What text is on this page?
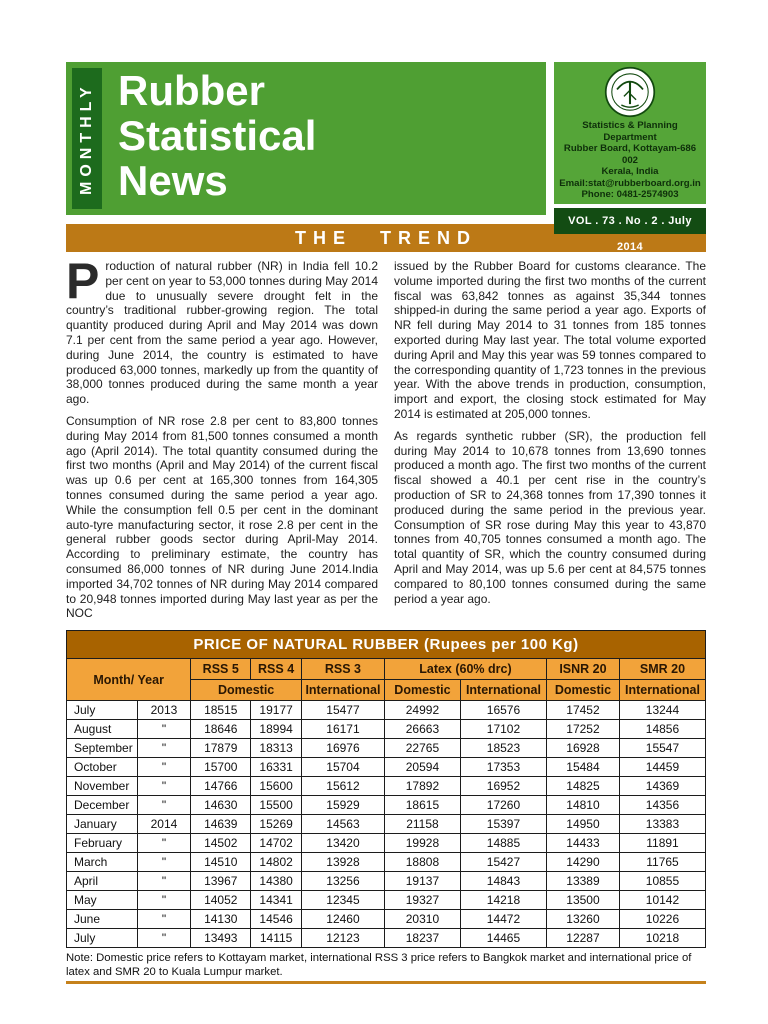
MONTHLY Rubber
Statistical
News
Statistics & Planning Department
Rubber Board, Kottayam-686 002
Kerala, India
Email:stat@rubberboard.org.in
Phone: 0481-2574903
VOL . 73 . No . 2 . July 2014
THE TREND

Production of natural rubber (NR) in India fell 10.2 per cent on year to 53,000 tonnes during May 2014 due to unusually severe drought felt in the country’s traditional rubber-growing region. The total quantity produced during April and May 2014 was down 7.1 per cent from the same period a year ago. However, during June 2014, the country is estimated to have produced 63,000 tonnes, markedly up from the quantity of 38,000 tonnes produced during the same month a year ago.

Consumption of NR rose 2.8 per cent to 83,800 tonnes during May 2014 from 81,500 tonnes consumed a month ago (April 2014). The total quantity consumed during the first two months (April and May 2014) of the current fiscal was up 0.6 per cent at 165,300 tonnes from 164,305 tonnes consumed during the same period a year ago. While the consumption fell 0.5 per cent in the dominant auto-tyre manufacturing sector, it rose 2.8 per cent in the general rubber goods sector during April-May 2014. According to preliminary estimate, the country has consumed 86,000 tonnes of NR during June 2014.India imported 34,702 tonnes of NR during May 2014 compared to 20,948 tonnes imported during May last year as per the NOC

issued by the Rubber Board for customs clearance. The volume imported during the first two months of the current fiscal was 63,842 tonnes as against 35,344 tonnes shipped-in during the same period a year ago. Exports of NR fell during May 2014 to 31 tonnes from 185 tonnes exported during May last year. The total volume exported during April and May this year was 59 tonnes compared to the corresponding quantity of 1,723 tonnes in the previous year. With the above trends in production, consumption, import and export, the closing stock estimated for May 2014 is estimated at 205,000 tonnes.

As regards synthetic rubber (SR), the production fell during May 2014 to 10,678 tonnes from 13,690 tonnes produced a month ago. The first two months of the current fiscal showed a 40.1 per cent rise in the country’s production of SR to 24,368 tonnes from 17,390 tonnes it produced during the same period in the previous year. Consumption of SR rose during May this year to 43,870 tonnes from 40,705 tonnes consumed a month ago. The total quantity of SR, which the country consumed during April and May 2014, was up 5.6 per cent at 84,575 tonnes compared to 80,100 tonnes consumed during the same period a year ago.

PRICE OF NATURAL RUBBER (Rupees per 100 Kg)								
Month/ Year		RSS 5	RSS 4	RSS 3	Latex (60% drc)		ISNR 20	SMR 20
		Domestic		International	Domestic	International	Domestic	International
July	2013	18515	19177	15477	24992	16576	17452	13244
August	"	18646	18994	16171	26663	17102	17252	14856
September	"	17879	18313	16976	22765	18523	16928	15547
October	"	15700	16331	15704	20594	17353	15484	14459
November	"	14766	15600	15612	17892	16952	14825	14369
December	"	14630	15500	15929	18615	17260	14810	14356
January	2014	14639	15269	14563	21158	15397	14950	13383
February	"	14502	14702	13420	19928	14885	14433	11891
March	"	14510	14802	13928	18808	15427	14290	11765
April	"	13967	14380	13256	19137	14843	13389	10855
May	"	14052	14341	12345	19327	14218	13500	10142
June	"	14130	14546	12460	20310	14472	13260	10226
July	"	13493	14115	12123	18237	14465	12287	10218

Note: Domestic price refers to Kottayam market, international RSS 3 price refers to Bangkok market and international price of latex and SMR 20 to Kuala Lumpur market.
